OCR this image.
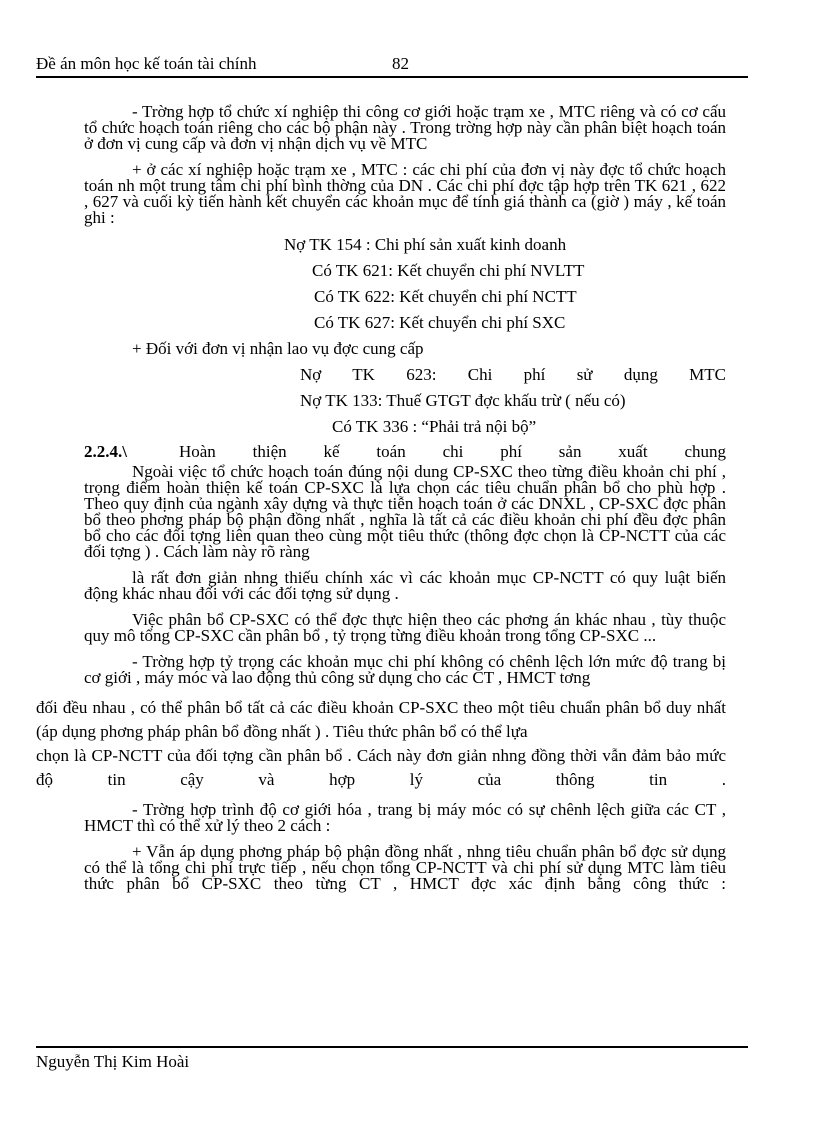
Đề án môn học kế toán tài chính	82

- Trờng hợp tổ chức xí nghiệp thi công cơ giới hoặc trạm xe , MTC riêng và có cơ cấu tổ chức hoạch toán riêng cho các bộ phận này . Trong trờng hợp này cần phân biệt hoạch toán ở đơn vị cung cấp và đơn vị nhận dịch vụ về MTC

+ ở các xí nghiệp hoặc trạm xe , MTC : các chi phí của đơn vị này đợc tổ chức hoạch toán nh một trung tâm chi phí bình thờng của DN . Các chi phí đợc tập hợp trên TK 621 , 622 , 627 và cuối kỳ tiến hành kết chuyển các khoản mục để tính giá thành ca (giờ ) máy , kế toán ghi :

Nợ TK 154 : Chi phí sản xuất kinh doanh
Có TK 621: Kết chuyển chi phí NVLTT
Có TK 622: Kết chuyển chi phí NCTT
Có TK 627: Kết chuyển chi phí SXC
+ Đối với đơn vị nhận lao vụ đợc cung cấp
Nợ TK 623: Chi phí sử dụng MTC
Nợ TK 133: Thuế GTGT đợc khấu trừ ( nếu có)
Có TK 336 : “Phải trả nội bộ”
2.2.4.\	Hoàn thiện kế toán chi phí sản xuất chung

Ngoài việc tổ chức hoạch toán đúng nội dung CP-SXC theo từng điều khoản chi phí , trọng điểm hoàn thiện kế toán CP-SXC là lựa chọn các tiêu chuẩn phân bổ cho phù hợp . Theo quy định của ngành xây dựng và thực tiễn hoạch toán ở các DNXL , CP-SXC đợc phân bổ theo phơng pháp bộ phận đồng nhất , nghĩa là tất cả các điều khoản chi phí đều đợc phân bổ cho các đối tợng liên quan theo cùng một tiêu thức (thông đợc chọn là CP-NCTT của các đối tợng ) . Cách làm này rõ ràng

là rất đơn giản nhng thiếu chính xác vì các khoản mục CP-NCTT có quy luật biến động khác nhau đối với các đối tợng sử dụng .

Việc phân bổ CP-SXC có thể đợc thực hiện theo các phơng án khác nhau , tùy thuộc quy mô tổng CP-SXC cần phân bổ , tỷ trọng từng điều khoản trong tổng CP-SXC ...

- Trờng hợp tỷ trọng các khoản mục chi phí không có chênh lệch lớn mức độ trang bị cơ giới , máy móc và lao động thủ công sử dụng cho các CT , HMCT tơng

đối đều nhau , có thể phân bổ tất cả các điều khoản CP-SXC theo một tiêu chuẩn phân bổ duy nhất (áp dụng phơng pháp phân bổ đồng nhất ) . Tiêu thức phân bổ có thể lựa

chọn là CP-NCTT của đối tợng cần phân bổ . Cách này đơn giản nhng đồng thời vẫn đảm bảo mức độ tin cậy và hợp lý của thông tin .

- Trờng hợp trình độ cơ giới hóa , trang bị máy móc có sự chênh lệch giữa các CT , HMCT thì có thể xử lý theo 2 cách :

+ Vẫn áp dụng phơng pháp bộ phận đồng nhất , nhng tiêu chuẩn phân bổ đợc sử dụng có thể là tổng chi phí trực tiếp , nếu chọn tổng CP-NCTT và chi phí sử dụng MTC làm tiêu thức phân bổ CP-SXC theo từng CT , HMCT đợc xác định bằng công thức :

Nguyễn Thị Kim Hoài
